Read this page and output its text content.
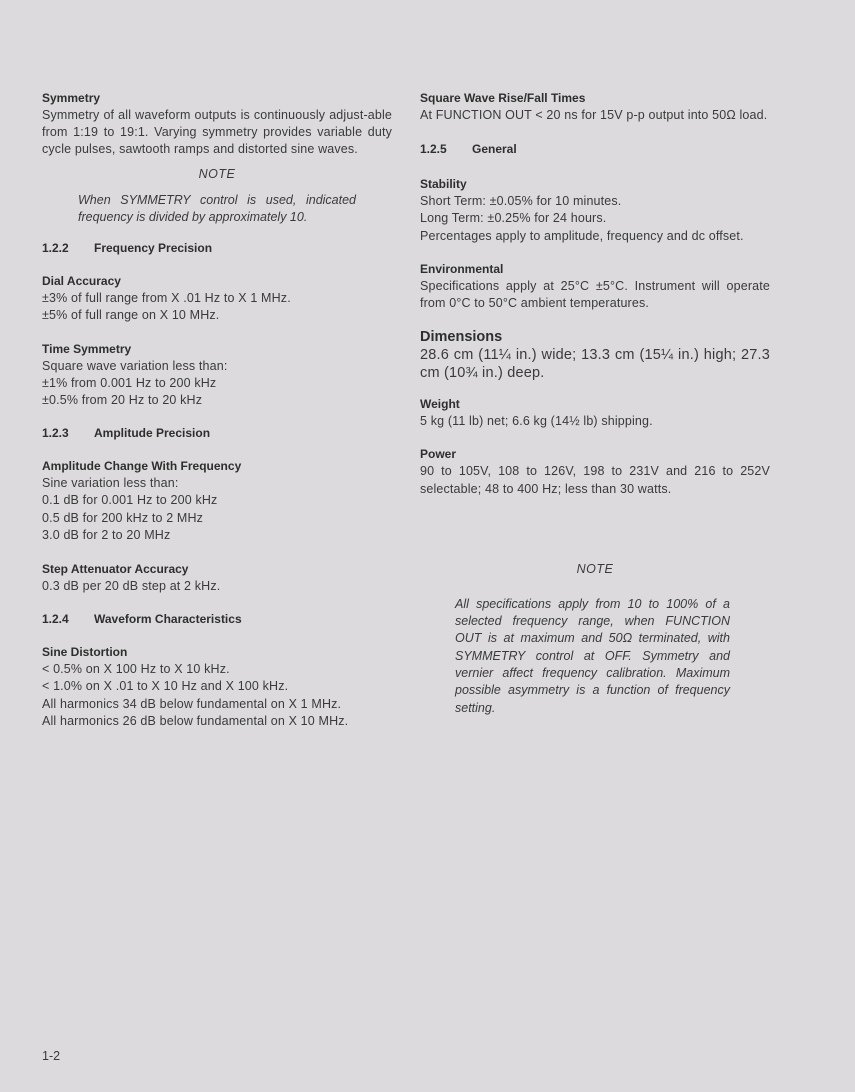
Symmetry

Symmetry of all waveform outputs is continuously adjust-able from 1:19 to 19:1. Varying symmetry provides variable duty cycle pulses, sawtooth ramps and distorted sine waves.

NOTE

When SYMMETRY control is used, indicated frequency is divided by approximately 10.

1.2.2 Frequency Precision

Dial Accuracy

±3% of full range from X .01 Hz to X 1 MHz.

±5% of full range on X 10 MHz.

Time Symmetry

Square wave variation less than:

±1% from 0.001 Hz to 200 kHz

±0.5% from 20 Hz to 20 kHz

1.2.3 Amplitude Precision

Amplitude Change With Frequency

Sine variation less than:

0.1 dB for 0.001 Hz to 200 kHz

0.5 dB for 200 kHz to 2 MHz

3.0 dB for 2 to 20 MHz

Step Attenuator Accuracy

0.3 dB per 20 dB step at 2 kHz.

1.2.4 Waveform Characteristics

Sine Distortion

< 0.5% on X 100 Hz to X 10 kHz.

< 1.0% on X .01 to X 10 Hz and X 100 kHz.

All harmonics 34 dB below fundamental on X 1 MHz.

All harmonics 26 dB below fundamental on X 10 MHz.

Square Wave Rise/Fall Times

At FUNCTION OUT < 20 ns for 15V p-p output into 50Ω load.

1.2.5 General

Stability

Short Term: ±0.05% for 10 minutes.

Long Term: ±0.25% for 24 hours.

Percentages apply to amplitude, frequency and dc offset.

Environmental

Specifications apply at 25°C ±5°C. Instrument will operate from 0°C to 50°C ambient temperatures.

Dimensions

28.6 cm (11¼ in.) wide; 13.3 cm (15¼ in.) high; 27.3 cm (10¾ in.) deep.

Weight

5 kg (11 lb) net; 6.6 kg (14½ lb) shipping.

Power

90 to 105V, 108 to 126V, 198 to 231V and 216 to 252V selectable; 48 to 400 Hz; less than 30 watts.

NOTE

All specifications apply from 10 to 100% of a selected frequency range, when FUNCTION OUT is at maximum and 50Ω terminated, with SYMMETRY control at OFF. Symmetry and vernier affect frequency calibration. Maximum possible asymmetry is a function of frequency setting.

1-2
